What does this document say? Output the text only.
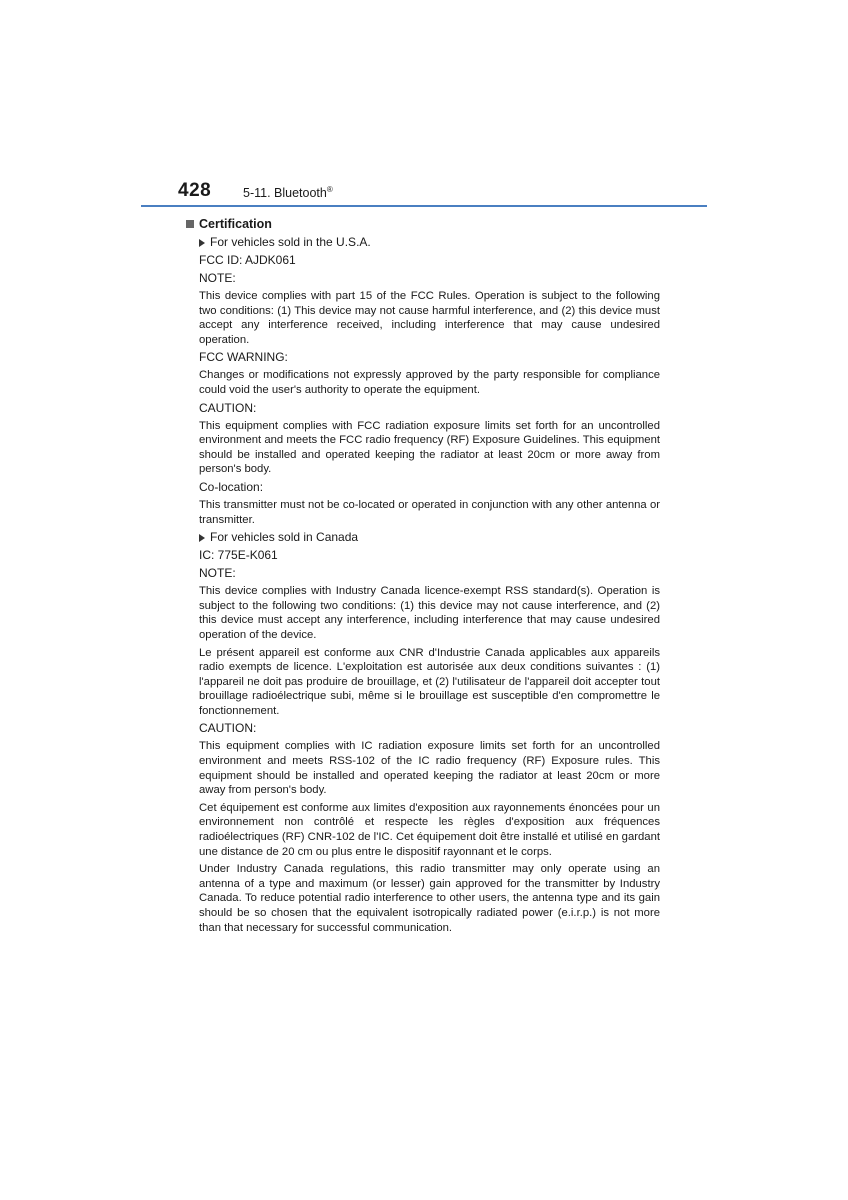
428	5-11. Bluetooth®
Certification
For vehicles sold in the U.S.A.

FCC ID: AJDK061

NOTE:

This device complies with part 15 of the FCC Rules. Operation is subject to the following two conditions: (1) This device may not cause harmful interference, and (2) this device must accept any interference received, including interference that may cause undesired operation.

FCC WARNING:

Changes or modifications not expressly approved by the party responsible for compliance could void the user's authority to operate the equipment.

CAUTION:

This equipment complies with FCC radiation exposure limits set forth for an uncontrolled environment and meets the FCC radio frequency (RF) Exposure Guidelines. This equipment should be installed and operated keeping the radiator at least 20cm or more away from person's body.

Co-location:

This transmitter must not be co-located or operated in conjunction with any other antenna or transmitter.

For vehicles sold in Canada

IC: 775E-K061

NOTE:

This device complies with Industry Canada licence-exempt RSS standard(s). Operation is subject to the following two conditions: (1) this device may not cause interference, and (2) this device must accept any interference, including interference that may cause undesired operation of the device.

Le présent appareil est conforme aux CNR d'Industrie Canada applicables aux appareils radio exempts de licence. L'exploitation est autorisée aux deux conditions suivantes : (1) l'appareil ne doit pas produire de brouillage, et (2) l'utilisateur de l'appareil doit accepter tout brouillage radioélectrique subi, même si le brouillage est susceptible d'en compromettre le fonctionnement.

CAUTION:

This equipment complies with IC radiation exposure limits set forth for an uncontrolled environment and meets RSS-102 of the IC radio frequency (RF) Exposure rules. This equipment should be installed and operated keeping the radiator at least 20cm or more away from person's body.

Cet équipement est conforme aux limites d'exposition aux rayonnements énoncées pour un environnement non contrôlé et respecte les règles d'exposition aux fréquences radioélectriques (RF) CNR-102 de l'IC. Cet équipement doit être installé et utilisé en gardant une distance de 20 cm ou plus entre le dispositif rayonnant et le corps.

Under Industry Canada regulations, this radio transmitter may only operate using an antenna of a type and maximum (or lesser) gain approved for the transmitter by Industry Canada. To reduce potential radio interference to other users, the antenna type and its gain should be so chosen that the equivalent isotropically radiated power (e.i.r.p.) is not more than that necessary for successful communication.
